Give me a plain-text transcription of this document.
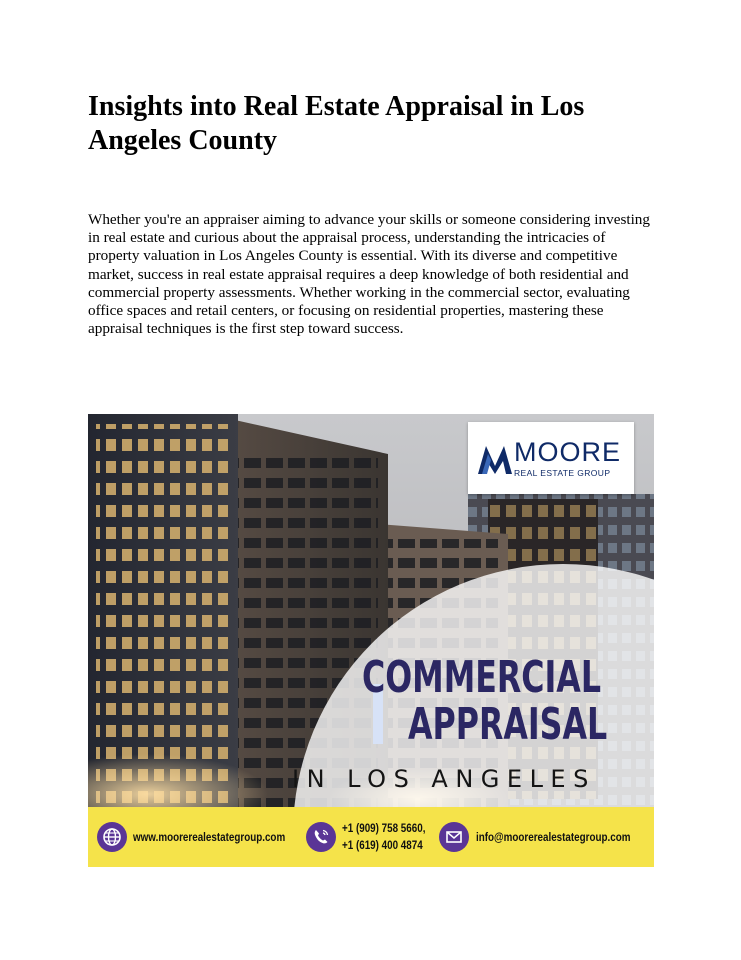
Insights into Real Estate Appraisal in Los Angeles County

Whether you're an appraiser aiming to advance your skills or someone considering investing in real estate and curious about the appraisal process, understanding the intricacies of property valuation in Los Angeles County is essential. With its diverse and competitive market, success in real estate appraisal requires a deep knowledge of both residential and commercial property assessments. Whether working in the commercial sector, evaluating office spaces and retail centers, or focusing on residential properties, mastering these appraisal techniques is the first step toward success.

MOORE
REAL ESTATE GROUP
COMMERCIAL
APPRAISAL
IN LOS ANGELES
www.moorerealestategroup.com
+1 (909) 758 5660,
+1 (619) 400 4874
info@moorerealestategroup.com
